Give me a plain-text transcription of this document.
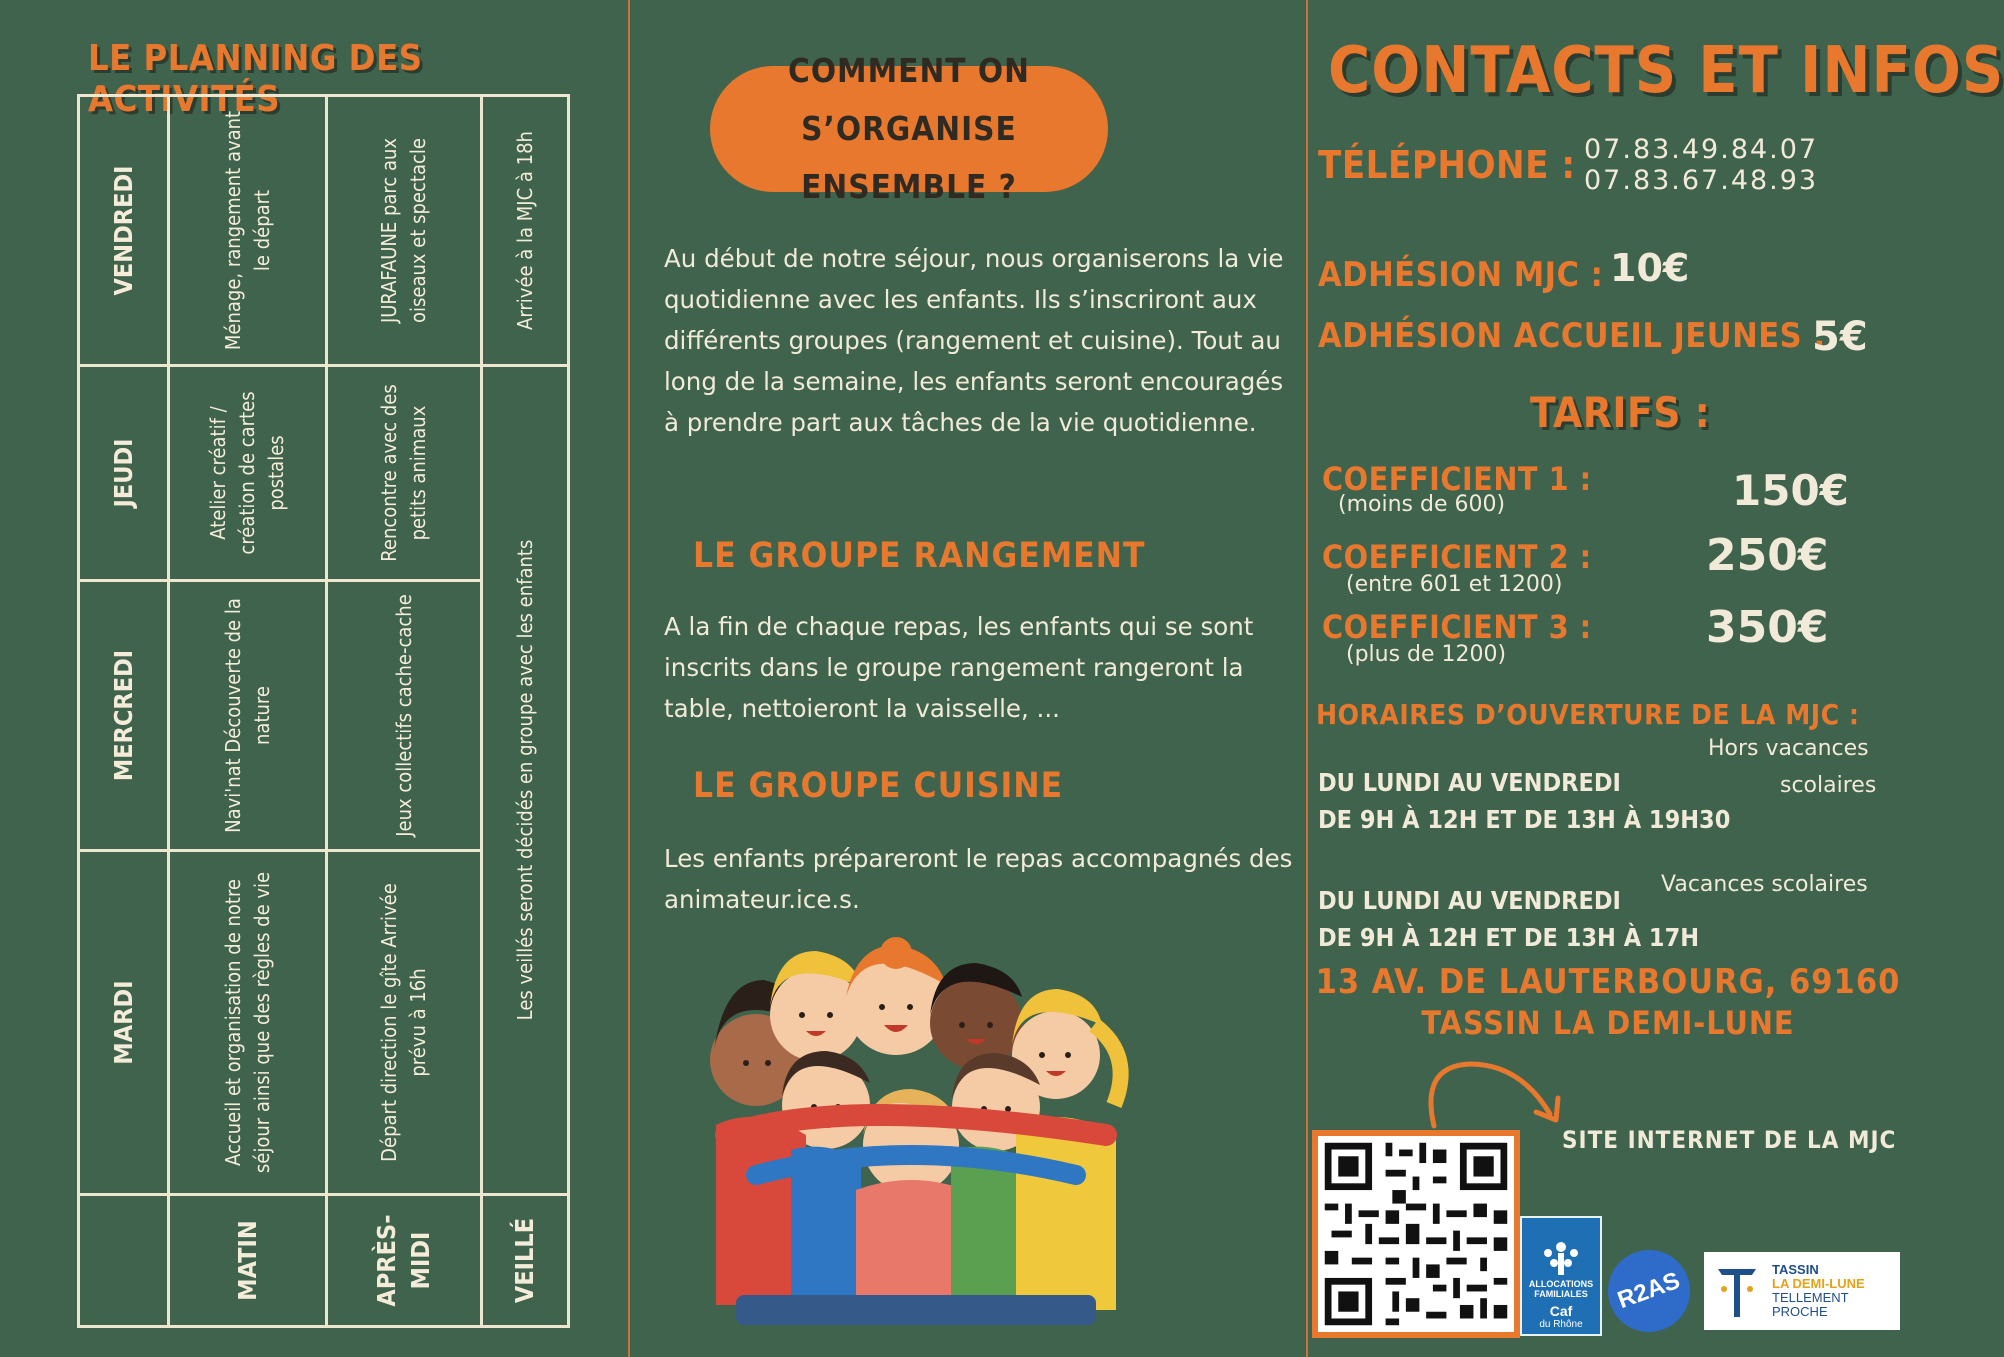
LE PLANNING DES ACTIVITÉS
	MARDI	MERCREDI	JEUDI	VENDREDI
MATIN	Accueil et organisation de notre séjour ainsi que des règles de vie	Navi'nat Découverte de la nature	Atelier créatif / création de cartes postales	Ménage, rangement avant le départ
APRÈS-MIDI	Départ direction le gîte Arrivée prévu à 16h	Jeux collectifs cache-cache	Rencontre avec des petits animaux	JURAFAUNE parc aux oiseaux et spectacle
VEILLÉ	Les veillés seront décidés en groupe avec les enfants			Arrivée à la MJC à 18h
COMMENT ON S’ORGANISE ENSEMBLE ?
Au début de notre séjour, nous organiserons la vie quotidienne avec les enfants. Ils s’inscriront aux différents groupes (rangement et cuisine). Tout au long de la semaine, les enfants seront encouragés à prendre part aux tâches de la vie quotidienne.
LE GROUPE RANGEMENT
A la fin de chaque repas, les enfants qui se sont inscrits dans le groupe rangement rangeront la table, nettoieront la vaisselle, ...
LE GROUPE CUISINE
Les enfants prépareront le repas accompagnés des animateur.ice.s.
CONTACTS ET INFOS
TÉLÉPHONE : 07.83.49.84.07
07.83.67.48.93
ADHÉSION MJC : 10€
ADHÉSION ACCUEIL JEUNES :
5€
TARIFS :
COEFFICIENT 1 :
(moins de 600)	150€
COEFFICIENT 2 :
(entre 601 et 1200)
250€
COEFFICIENT 3 :
(plus de 1200)
350€
HORAIRES D’OUVERTURE DE LA MJC :
Hors vacances
scolaires
DU LUNDI AU VENDREDI
DE 9H À 12H ET DE 13H À 19H30
Vacances scolaires
DU LUNDI AU VENDREDI
DE 9H À 12H ET DE 13H À 17H
13 AV. DE LAUTERBOURG, 69160
TASSIN LA DEMI-LUNE
SITE INTERNET DE LA MJC
ALLOCATIONS
FAMILIALES
Caf
du Rhône
R2AS	TASSIN
LA DEMI-LUNE
TELLEMENT
PROCHE
